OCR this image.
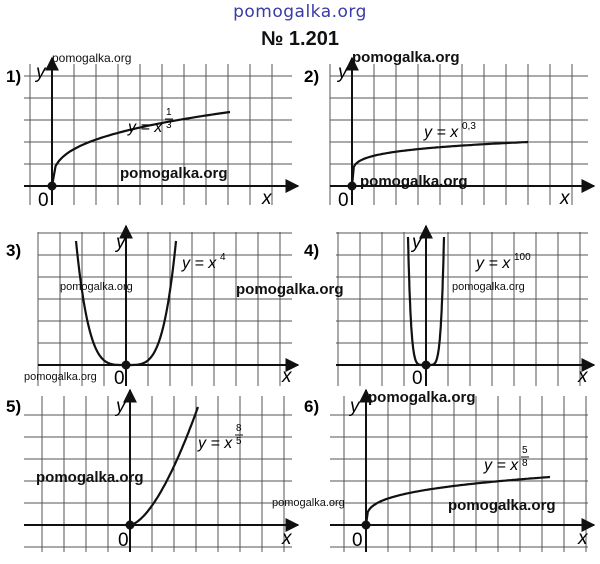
pomogalka.org
№ 1.201
1)
x
y
0
y = x
1
3
2)
x
y
0
y = x 0,3
3)
x
y
0
y = x 4	4)
x
y
0
y = x 100
5)
x
y
0
y = x
8
5
6)
x
y
0
y = x
5
8
pomogalka.org	pomogalka.org
pomogalka.org	pomogalka.org
pomogalka.org	pomogalka.org	pomogalka.org
pomogalka.org
pomogalka.org
pomogalka.org
pomogalka.org	pomogalka.org
